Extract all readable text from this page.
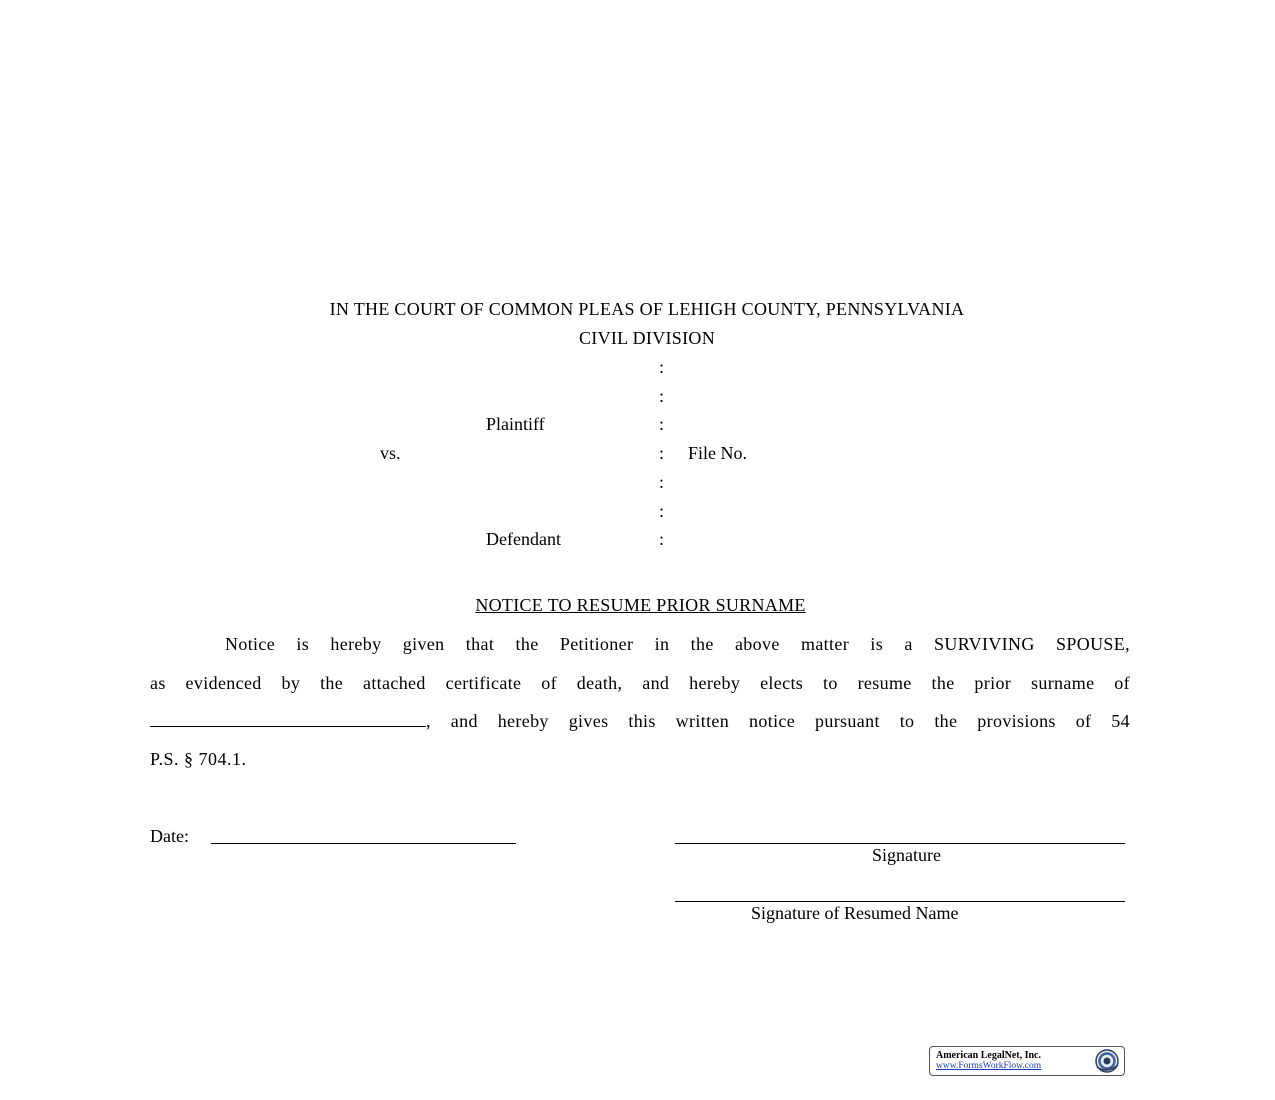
IN THE COURT OF COMMON PLEAS OF LEHIGH COUNTY, PENNSYLVANIA
CIVIL DIVISION
:
:
Plaintiff	:
vs.	: File No.
:
:
Defendant	:
NOTICE TO RESUME PRIOR SURNAME
Notice is hereby given that the Petitioner in the above matter is a SURVIVING SPOUSE,
as evidenced by the attached certificate of death, and hereby elects to resume the prior surname of
, and hereby gives this written notice pursuant to the provisions of 54
P.S. § 704.1.
Date:
Signature
Signature of Resumed Name
American LegalNet, Inc.
www.FormsWorkFlow.com
